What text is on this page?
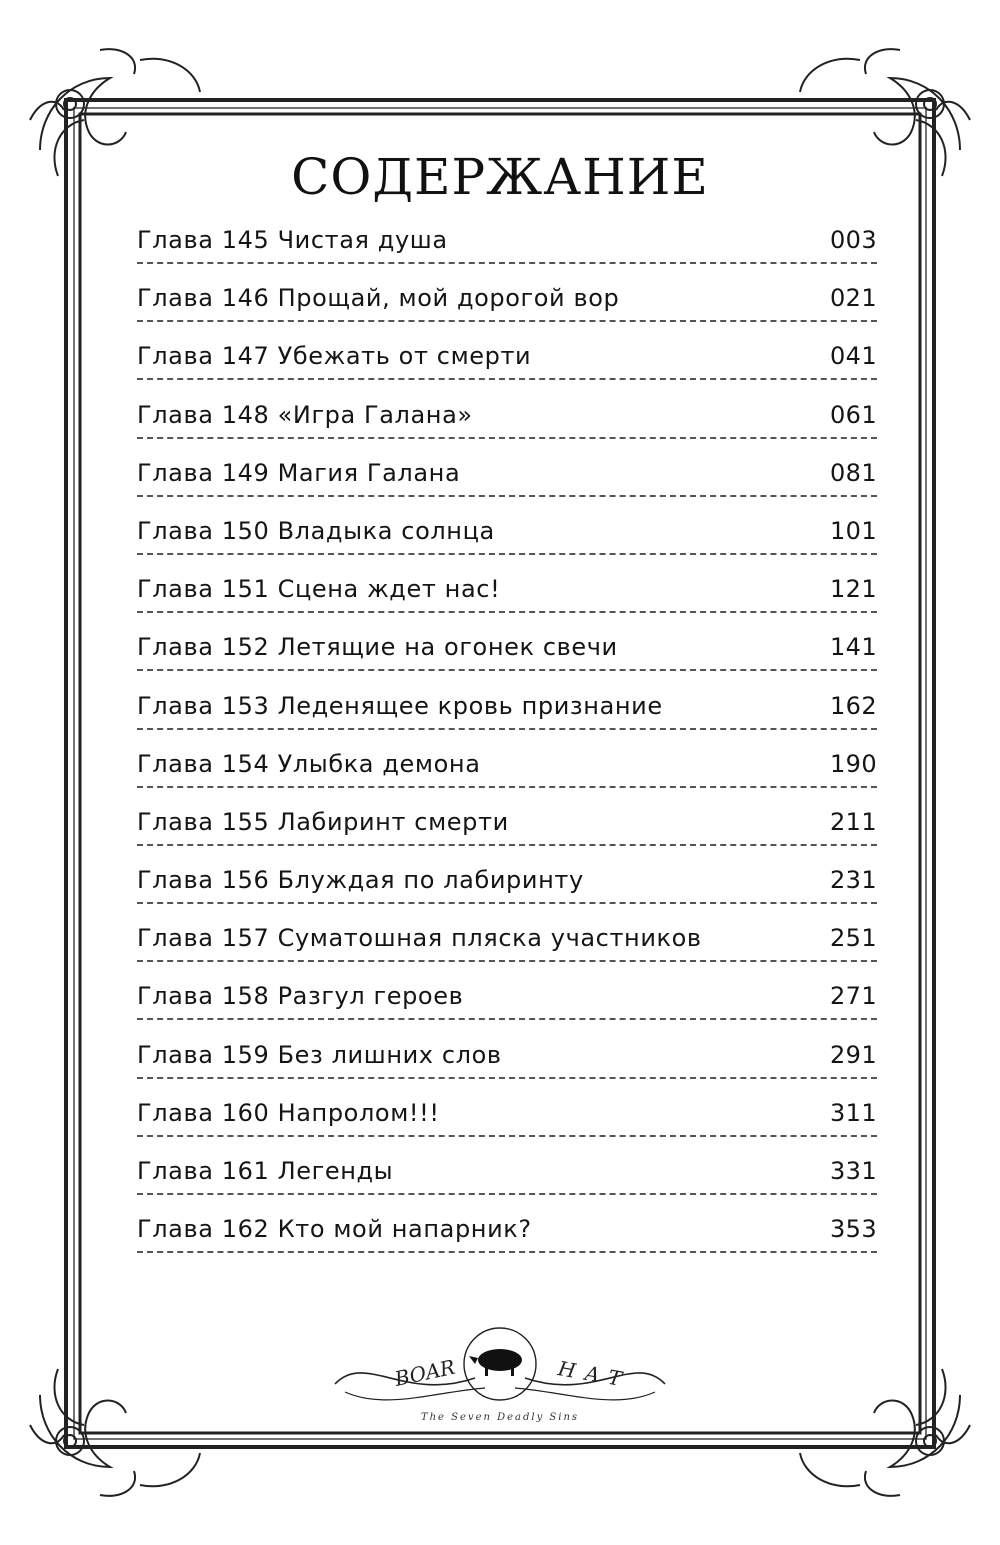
СОДЕРЖАНИЕ
Глава 145 Чистая душа	003
Глава 146 Прощай, мой дорогой вор	021
Глава 147 Убежать от смерти	041
Глава 148 «Игра Галана»	061
Глава 149 Магия Галана	081
Глава 150 Владыка солнца	101
Глава 151 Сцена ждет нас!	121
Глава 152 Летящие на огонек свечи	141
Глава 153 Леденящее кровь признание	162
Глава 154 Улыбка демона	190
Глава 155 Лабиринт смерти	211
Глава 156 Блуждая по лабиринту	231
Глава 157 Суматошная пляска участников	251
Глава 158 Разгул героев	271
Глава 159 Без лишних слов	291
Глава 160 Напролом!!!	311
Глава 161 Легенды	331
Глава 162 Кто мой напарник?	353
BOAR	HAT
The Seven Deadly Sins
